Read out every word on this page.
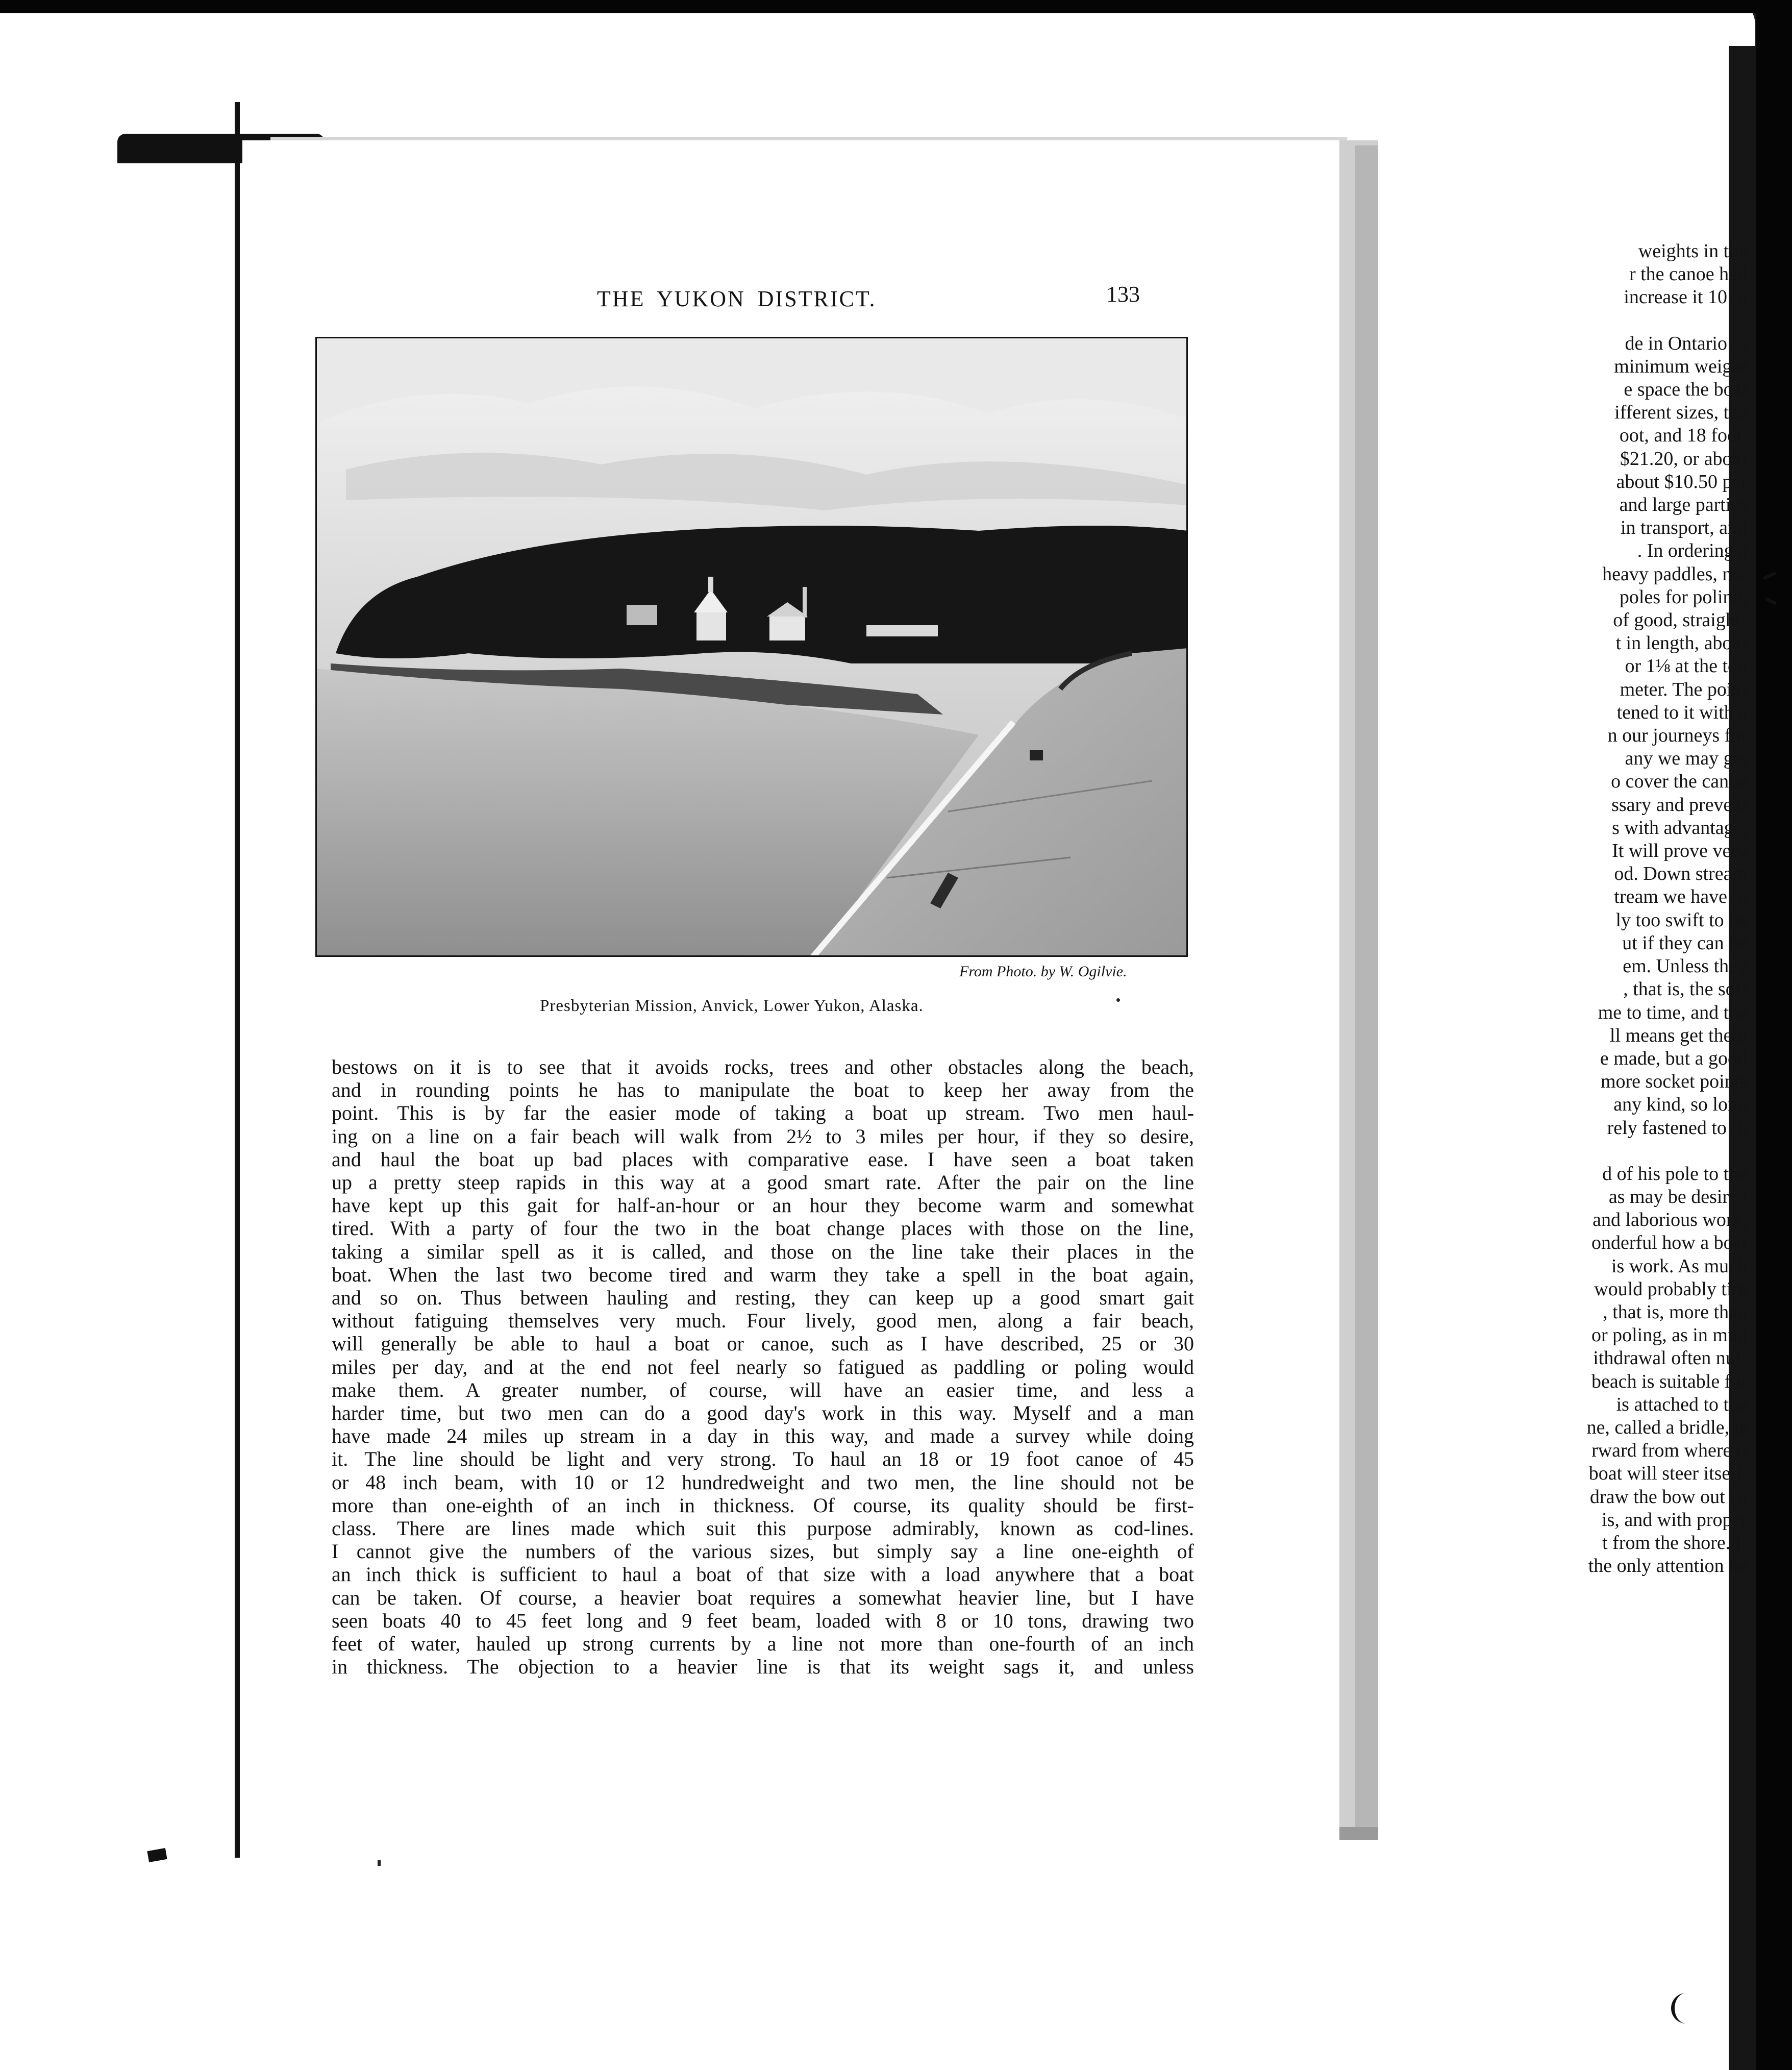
weights in the
r the canoe had
increase it 10 to
de in Ontario to
minimum weight
e space the boat
ifferent sizes, the
oot, and 18 foot,
$21.20, or about
about $10.50 per
and large parties
in transport, and
. In ordering a
heavy paddles, not
poles for poling,
of good, straight-
t in length, about
or 1⅛ at the top
meter. The point
tened to it with a
n our journeys for
any we may get
o cover the canoe
ssary and prevent
s with advantage,
It will prove very
od. Down stream
tream we have to
ly too swift to be
ut if they can be
em. Unless they
, that is, the soft
me to time, and the
ll means get them
e made, but a good
more socket points
any kind, so long
rely fastened to it,
d of his pole to the
as may be desired
and laborious work,
onderful how a boat
is work. As much
would probably tire
, that is, more than
or poling, as in mud
ithdrawal often nul-
beach is suitable for
is attached to the
ne, called a bridle, is
rward from where it
boat will steer itself.
draw the bow out so
is, and with proper
t from the shore. It
the only attention he
THE YUKON DISTRICT.	133
From Photo. by W. Ogilvie.
Presbyterian Mission, Anvick, Lower Yukon, Alaska.
bestows on it is to see that it avoids rocks, trees and other obstacles along the beach,
and in rounding points he has to manipulate the boat to keep her away from the
point. This is by far the easier mode of taking a boat up stream. Two men haul-
ing on a line on a fair beach will walk from 2½ to 3 miles per hour, if they so desire,
and haul the boat up bad places with comparative ease. I have seen a boat taken
up a pretty steep rapids in this way at a good smart rate. After the pair on the line
have kept up this gait for half-an-hour or an hour they become warm and somewhat
tired. With a party of four the two in the boat change places with those on the line,
taking a similar spell as it is called, and those on the line take their places in the
boat. When the last two become tired and warm they take a spell in the boat again,
and so on. Thus between hauling and resting, they can keep up a good smart gait
without fatiguing themselves very much. Four lively, good men, along a fair beach,
will generally be able to haul a boat or canoe, such as I have described, 25 or 30
miles per day, and at the end not feel nearly so fatigued as paddling or poling would
make them. A greater number, of course, will have an easier time, and less a
harder time, but two men can do a good day's work in this way. Myself and a man
have made 24 miles up stream in a day in this way, and made a survey while doing
it. The line should be light and very strong. To haul an 18 or 19 foot canoe of 45
or 48 inch beam, with 10 or 12 hundredweight and two men, the line should not be
more than one-eighth of an inch in thickness. Of course, its quality should be first-
class. There are lines made which suit this purpose admirably, known as cod-lines.
I cannot give the numbers of the various sizes, but simply say a line one-eighth of
an inch thick is sufficient to haul a boat of that size with a load anywhere that a boat
can be taken. Of course, a heavier boat requires a somewhat heavier line, but I have
seen boats 40 to 45 feet long and 9 feet beam, loaded with 8 or 10 tons, drawing two
feet of water, hauled up strong currents by a line not more than one-fourth of an inch
in thickness. The objection to a heavier line is that its weight sags it, and unless
